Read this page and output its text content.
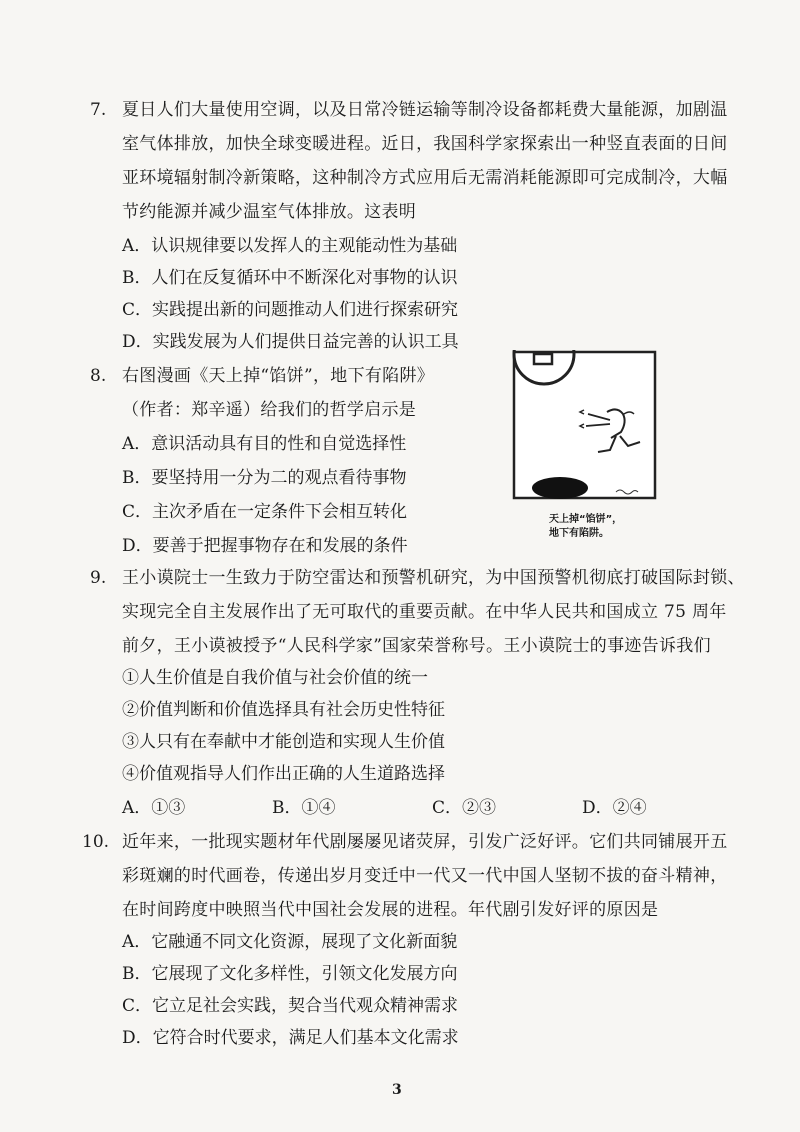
7. 夏日人们大量使用空调，以及日常冷链运输等制冷设备都耗费大量能源，加剧温
室气体排放，加快全球变暖进程。近日，我国科学家探索出一种竖直表面的日间
亚环境辐射制冷新策略，这种制冷方式应用后无需消耗能源即可完成制冷，大幅
节约能源并减少温室气体排放。这表明
A．认识规律要以发挥人的主观能动性为基础
B．人们在反复循环中不断深化对事物的认识
C．实践提出新的问题推动人们进行探索研究
D．实践发展为人们提供日益完善的认识工具
8. 右图漫画《天上掉“馅饼”，地下有陷阱》
（作者：郑辛遥）给我们的哲学启示是
A．意识活动具有目的性和自觉选择性
B．要坚持用一分为二的观点看待事物
C．主次矛盾在一定条件下会相互转化
D．要善于把握事物存在和发展的条件
天上掉“馅饼”，
地下有陷阱。
9. 王小谟院士一生致力于防空雷达和预警机研究，为中国预警机彻底打破国际封锁、
实现完全自主发展作出了无可取代的重要贡献。在中华人民共和国成立 75 周年
前夕，王小谟被授予“人民科学家”国家荣誉称号。王小谟院士的事迹告诉我们
①人生价值是自我价值与社会价值的统一
②价值判断和价值选择具有社会历史性特征
③人只有在奉献中才能创造和实现人生价值
④价值观指导人们作出正确的人生道路选择
A．①③	B．①④	C．②③	D．②④
10. 近年来，一批现实题材年代剧屡屡见诸荧屏，引发广泛好评。它们共同铺展开五
彩斑斓的时代画卷，传递出岁月变迁中一代又一代中国人坚韧不拔的奋斗精神，
在时间跨度中映照当代中国社会发展的进程。年代剧引发好评的原因是
A．它融通不同文化资源，展现了文化新面貌
B．它展现了文化多样性，引领文化发展方向
C．它立足社会实践，契合当代观众精神需求
D．它符合时代要求，满足人们基本文化需求
3
